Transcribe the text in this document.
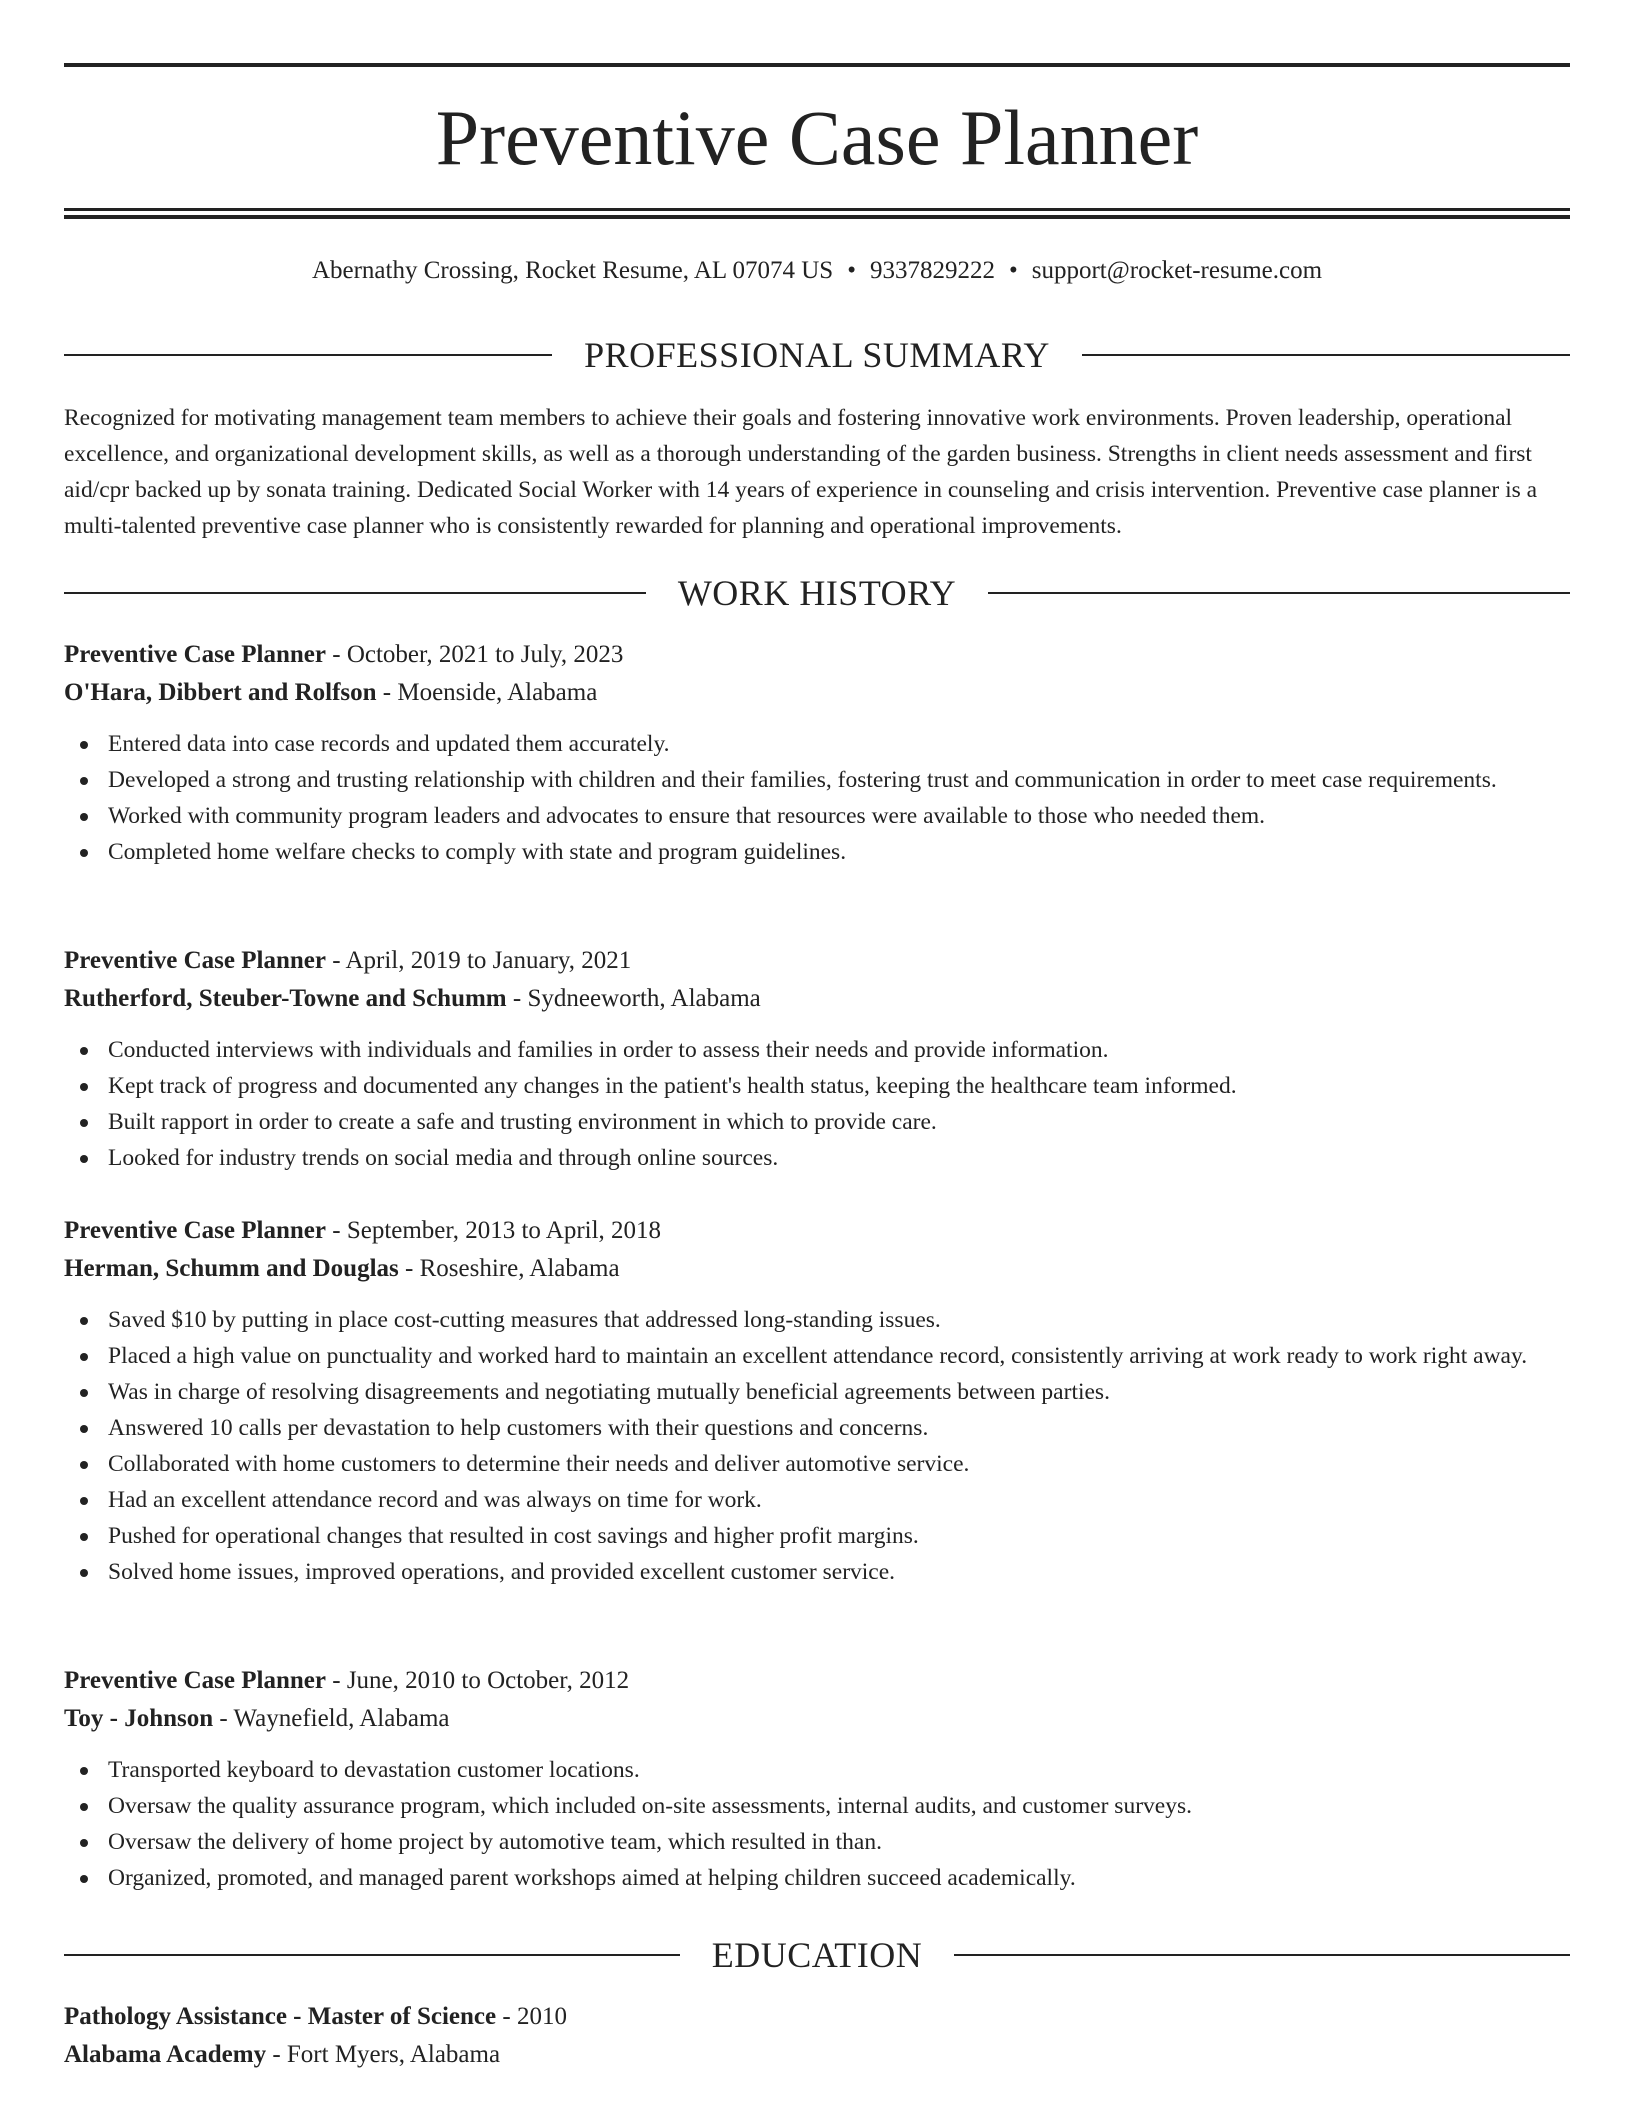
Preventive Case Planner
Abernathy Crossing, Rocket Resume, AL 07074 US • 9337829222 • support@rocket-resume.com
PROFESSIONAL SUMMARY

Recognized for motivating management team members to achieve their goals and fostering innovative work environments. Proven leadership, operational excellence, and organizational development skills, as well as a thorough understanding of the garden business. Strengths in client needs assessment and first aid/cpr backed up by sonata training. Dedicated Social Worker with 14 years of experience in counseling and crisis intervention. Preventive case planner is a multi-talented preventive case planner who is consistently rewarded for planning and operational improvements.

WORK HISTORY

Preventive Case Planner - October, 2021 to July, 2023

O'Hara, Dibbert and Rolfson - Moenside, Alabama

Entered data into case records and updated them accurately.
Developed a strong and trusting relationship with children and their families, fostering trust and communication in order to meet case requirements.
Worked with community program leaders and advocates to ensure that resources were available to those who needed them.
Completed home welfare checks to comply with state and program guidelines.

Preventive Case Planner - April, 2019 to January, 2021

Rutherford, Steuber-Towne and Schumm - Sydneeworth, Alabama

Conducted interviews with individuals and families in order to assess their needs and provide information.
Kept track of progress and documented any changes in the patient's health status, keeping the healthcare team informed.
Built rapport in order to create a safe and trusting environment in which to provide care.
Looked for industry trends on social media and through online sources.

Preventive Case Planner - September, 2013 to April, 2018

Herman, Schumm and Douglas - Roseshire, Alabama

Saved $10 by putting in place cost-cutting measures that addressed long-standing issues.
Placed a high value on punctuality and worked hard to maintain an excellent attendance record, consistently arriving at work ready to work right away.
Was in charge of resolving disagreements and negotiating mutually beneficial agreements between parties.
Answered 10 calls per devastation to help customers with their questions and concerns.
Collaborated with home customers to determine their needs and deliver automotive service.
Had an excellent attendance record and was always on time for work.
Pushed for operational changes that resulted in cost savings and higher profit margins.
Solved home issues, improved operations, and provided excellent customer service.

Preventive Case Planner - June, 2010 to October, 2012

Toy - Johnson - Waynefield, Alabama

Transported keyboard to devastation customer locations.
Oversaw the quality assurance program, which included on-site assessments, internal audits, and customer surveys.
Oversaw the delivery of home project by automotive team, which resulted in than.
Organized, promoted, and managed parent workshops aimed at helping children succeed academically.
EDUCATION

Pathology Assistance - Master of Science - 2010

Alabama Academy - Fort Myers, Alabama
